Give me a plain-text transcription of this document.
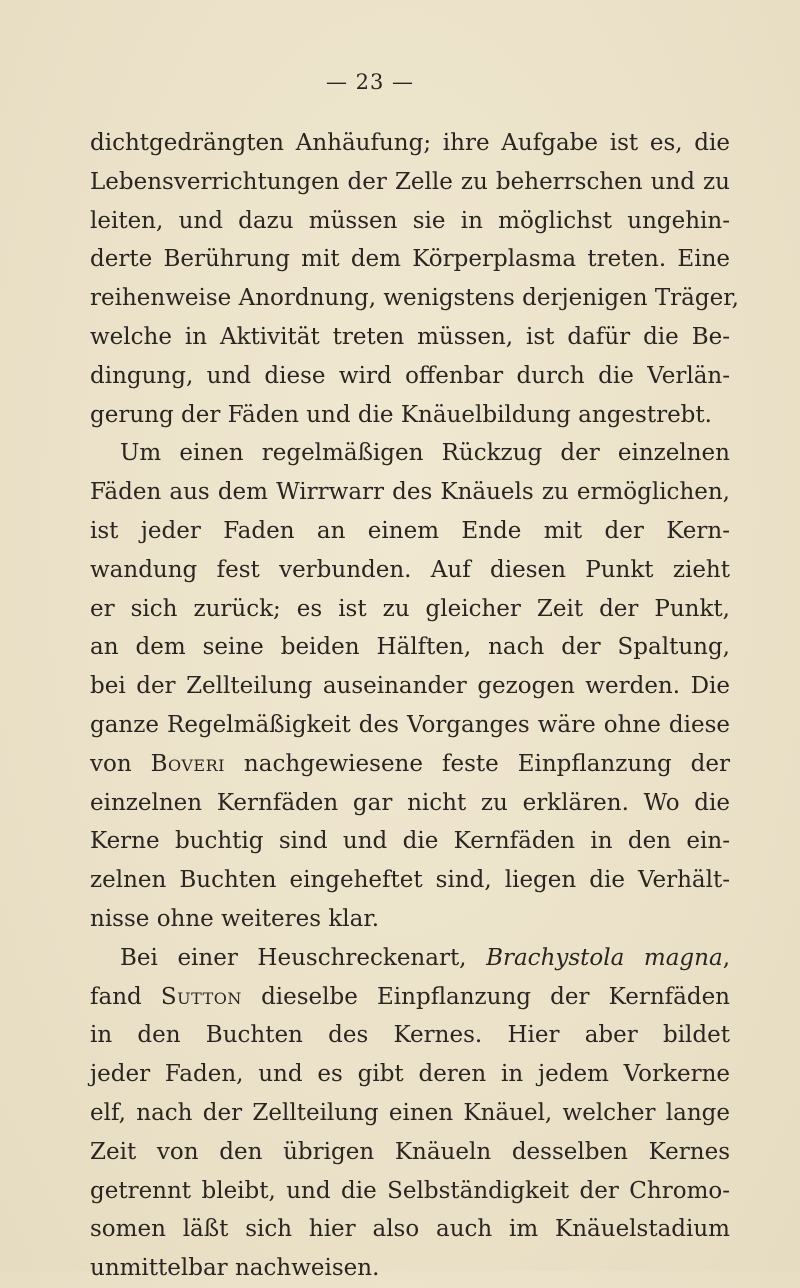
— 23 —
dichtgedrängten Anhäufung; ihre Aufgabe ist es, die
Lebensverrichtungen der Zelle zu beherrschen und zu
leiten, und dazu müssen sie in möglichst ungehin-
derte Berührung mit dem Körperplasma treten. Eine
reihenweise Anordnung, wenigstens derjenigen Träger,
welche in Aktivität treten müssen, ist dafür die Be-
dingung, und diese wird offenbar durch die Verlän-
gerung der Fäden und die Knäuelbildung angestrebt.
Um einen regelmäßigen Rückzug der einzelnen
Fäden aus dem Wirrwarr des Knäuels zu ermöglichen,
ist jeder Faden an einem Ende mit der Kern-
wandung fest verbunden. Auf diesen Punkt zieht
er sich zurück; es ist zu gleicher Zeit der Punkt,
an dem seine beiden Hälften, nach der Spaltung,
bei der Zellteilung auseinander gezogen werden. Die
ganze Regelmäßigkeit des Vorganges wäre ohne diese
von Boveri nachgewiesene feste Einpflanzung der
einzelnen Kernfäden gar nicht zu erklären. Wo die
Kerne buchtig sind und die Kernfäden in den ein-
zelnen Buchten eingeheftet sind, liegen die Verhält-
nisse ohne weiteres klar.
Bei einer Heuschreckenart, Brachystola magna,
fand Sutton dieselbe Einpflanzung der Kernfäden
in den Buchten des Kernes. Hier aber bildet
jeder Faden, und es gibt deren in jedem Vorkerne
elf, nach der Zellteilung einen Knäuel, welcher lange
Zeit von den übrigen Knäueln desselben Kernes
getrennt bleibt, und die Selbständigkeit der Chromo-
somen läßt sich hier also auch im Knäuelstadium
unmittelbar nachweisen.
